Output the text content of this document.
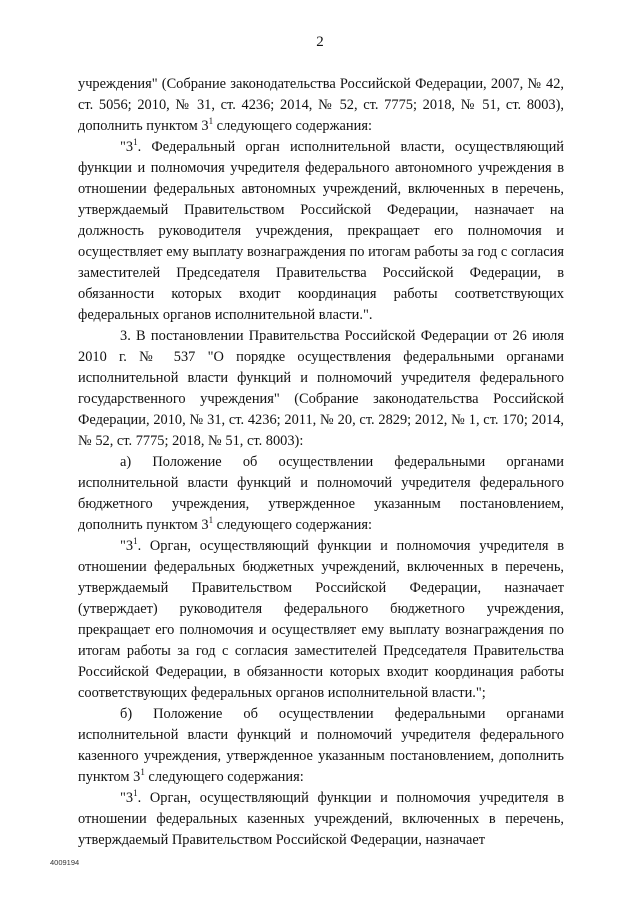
2

учреждения" (Собрание законодательства Российской Федерации, 2007, № 42, ст. 5056; 2010, № 31, ст. 4236; 2014, № 52, ст. 7775; 2018, № 51, ст. 8003), дополнить пунктом $3^1$ следующего содержания:

"$3^1$. Федеральный орган исполнительной власти, осуществляющий функции и полномочия учредителя федерального автономного учреждения в отношении федеральных автономных учреждений, включенных в перечень, утверждаемый Правительством Российской Федерации, назначает на должность руководителя учреждения, прекращает его полномочия и осуществляет ему выплату вознаграждения по итогам работы за год с согласия заместителей Председателя Правительства Российской Федерации, в обязанности которых входит координация работы соответствующих федеральных органов исполнительной власти.".

3. В постановлении Правительства Российской Федерации от 26 июля 2010 г. № 537 "О порядке осуществления федеральными органами исполнительной власти функций и полномочий учредителя федерального государственного учреждения" (Собрание законодательства Российской Федерации, 2010, № 31, ст. 4236; 2011, № 20, ст. 2829; 2012, № 1, ст. 170; 2014, № 52, ст. 7775; 2018, № 51, ст. 8003):

а) Положение об осуществлении федеральными органами исполнительной власти функций и полномочий учредителя федерального бюджетного учреждения, утвержденное указанным постановлением, дополнить пунктом $3^1$ следующего содержания:

"$3^1$. Орган, осуществляющий функции и полномочия учредителя в отношении федеральных бюджетных учреждений, включенных в перечень, утверждаемый Правительством Российской Федерации, назначает (утверждает) руководителя федерального бюджетного учреждения, прекращает его полномочия и осуществляет ему выплату вознаграждения по итогам работы за год с согласия заместителей Председателя Правительства Российской Федерации, в обязанности которых входит координация работы соответствующих федеральных органов исполнительной власти.";

б) Положение об осуществлении федеральными органами исполнительной власти функций и полномочий учредителя федерального казенного учреждения, утвержденное указанным постановлением, дополнить пунктом $3^1$ следующего содержания:

"$3^1$. Орган, осуществляющий функции и полномочия учредителя в отношении федеральных казенных учреждений, включенных в перечень, утверждаемый Правительством Российской Федерации, назначает

4009194
